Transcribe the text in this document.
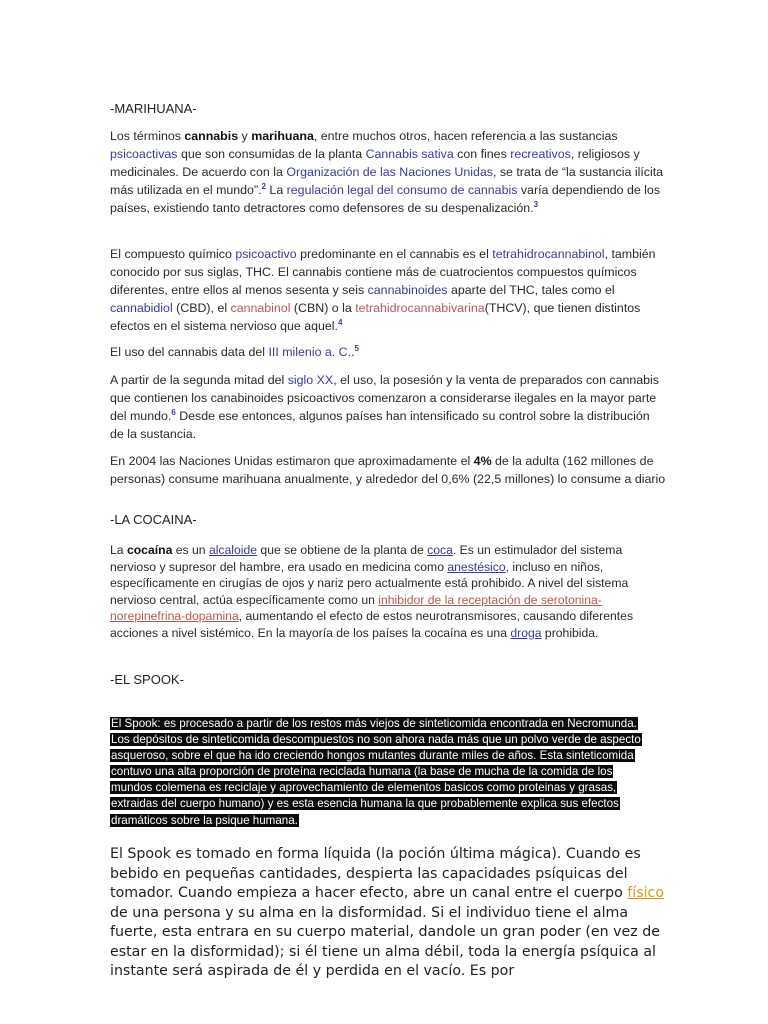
-MARIHUANA-

Los términos cannabis y marihuana, entre muchos otros, hacen referencia a las sustancias psicoactivas que son consumidas de la planta Cannabis sativa con fines recreativos, religiosos y medicinales. De acuerdo con la Organización de las Naciones Unidas, se trata de “la sustancia ilícita más utilizada en el mundo”.$^2$ La regulación legal del consumo de cannabis varía dependiendo de los países, existiendo tanto detractores como defensores de su despenalización.$^3$

El compuesto químico psicoactivo predominante en el cannabis es el tetrahidrocannabinol, también conocido por sus siglas, THC. El cannabis contiene más de cuatrocientos compuestos químicos diferentes, entre ellos al menos sesenta y seis cannabinoides aparte del THC, tales como el cannabidiol (CBD), el cannabinol (CBN) o la tetrahidrocannabivarina(THCV), que tienen distintos efectos en el sistema nervioso que aquel.$^4$

El uso del cannabis data del III milenio a. C..$^5$

A partir de la segunda mitad del siglo XX, el uso, la posesión y la venta de preparados con cannabis que contienen los canabinoides psicoactivos comenzaron a considerarse ilegales en la mayor parte del mundo.$^6$ Desde ese entonces, algunos países han intensificado su control sobre la distribución de la sustancia.

En 2004 las Naciones Unidas estimaron que aproximadamente el 4% de la adulta (162 millones de personas) consume marihuana anualmente, y alrededor del 0,6% (22,5 millones) lo consume a diario

-LA COCAINA-

La cocaína es un alcaloide que se obtiene de la planta de coca. Es un estimulador del sistema nervioso y supresor del hambre, era usado en medicina como anestésico, incluso en niños, específicamente en cirugías de ojos y nariz pero actualmente está prohibido. A nivel del sistema nervioso central, actúa específicamente como un inhibidor de la receptación de serotonina-norepinefrina-dopamina, aumentando el efecto de estos neurotransmisores, causando diferentes acciones a nivel sistémico. En la mayoría de los países la cocaína es una droga prohibida.

-EL SPOOK-
El Spook: es procesado a partir de los restos más viejos de sinteticomida encontrada en Necromunda. Los depósitos de sinteticomida descompuestos no son ahora nada más que un polvo verde de aspecto asqueroso, sobre el que ha ido creciendo hongos mutantes durante miles de años. Esta sinteticomida contuvo una alta proporción de proteína reciclada humana (la base de mucha de la comida de los mundos colemena es reciclaje y aprovechamiento de elementos basicos como proteinas y grasas, extraidas del cuerpo humano) y es esta esencia humana la que probablemente explica sus efectos dramáticos sobre la psique humana.

El Spook es tomado en forma líquida (la poción última mágica). Cuando es bebido en pequeñas cantidades, despierta las capacidades psíquicas del tomador. Cuando empieza a hacer efecto, abre un canal entre el cuerpo físico de una persona y su alma en la disformidad. Si el individuo tiene el alma fuerte, esta entrara en su cuerpo material, dandole un gran poder (en vez de estar en la disformidad); si él tiene un alma débil, toda la energía psíquica al instante será aspirada de él y perdida en el vacío. Es por
